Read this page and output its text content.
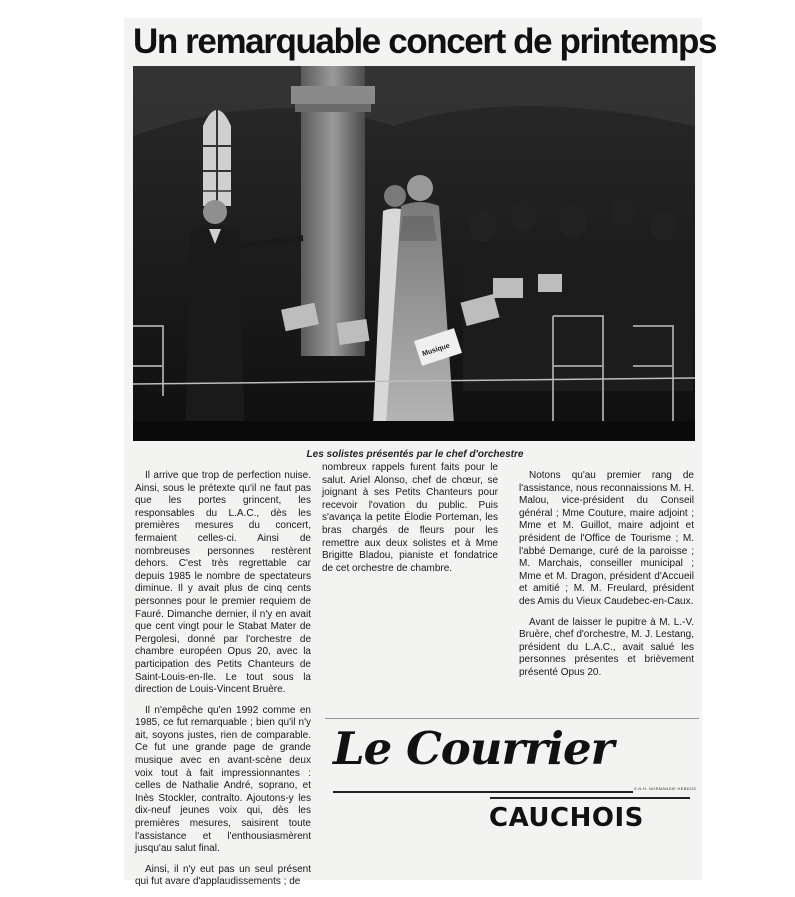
Un remarquable concert de printemps
Musique

Les solistes présentés par le chef d'orchestre

Il arrive que trop de perfection nuise. Ainsi, sous le prétexte qu'il ne faut pas que les portes grincent, les responsables du L.A.C., dès les premières mesures du concert, fermaient celles-ci. Ainsi de nombreuses personnes restèrent dehors. C'est très regrettable car depuis 1985 le nombre de spectateurs diminue. Il y avait plus de cinq cents personnes pour le premier requiem de Fauré. Dimanche dernier, il n'y en avait que cent vingt pour le Stabat Mater de Pergolesi, donné par l'orchestre de chambre européen Opus 20, avec la participation des Petits Chanteurs de Saint-Louis-en-Ile. Le tout sous la direction de Louis-Vincent Bruère.

Il n'empêche qu'en 1992 comme en 1985, ce fut remarquable ; bien qu'il n'y ait, soyons justes, rien de comparable. Ce fut une grande page de grande musique avec en avant-scène deux voix tout à fait impressionnantes : celles de Nathalie André, soprano, et Inès Stockler, contralto. Ajoutons-y les dix-neuf jeunes voix qui, dès les premières mesures, saisirent toute l'assistance et l'enthousiasmèrent jusqu'au salut final.

Ainsi, il n'y eut pas un seul présent qui fut avare d'applaudissements ; de

nombreux rappels furent faits pour le salut. Ariel Alonso, chef de chœur, se joignant à ses Petits Chanteurs pour recevoir l'ovation du public. Puis s'avança la petite Élodie Porteman, les bras chargés de fleurs pour les remettre aux deux solistes et à Mme Brigitte Bladou, pianiste et fondatrice de cet orchestre de chambre.

Notons qu'au premier rang de l'assistance, nous reconnaissions M. H. Malou, vice-président du Conseil général ; Mme Couture, maire adjoint ; Mme et M. Guillot, maire adjoint et président de l'Office de Tourisme ; M. l'abbé Demange, curé de la paroisse ; M. Marchais, conseiller municipal ; Mme et M. Dragon, président d'Accueil et amitié ; M. M. Freulard, président des Amis du Vieux Caudebec-en-Caux.

Avant de laisser le pupitre à M. L.-V. Bruère, chef d'orchestre, M. J. Lestang, président du L.A.C., avait salué les personnes présentes et brièvement présenté Opus 20.

Le Courrier
S.N.H. NORMANDIE HEBDOS
CAUCHOIS
